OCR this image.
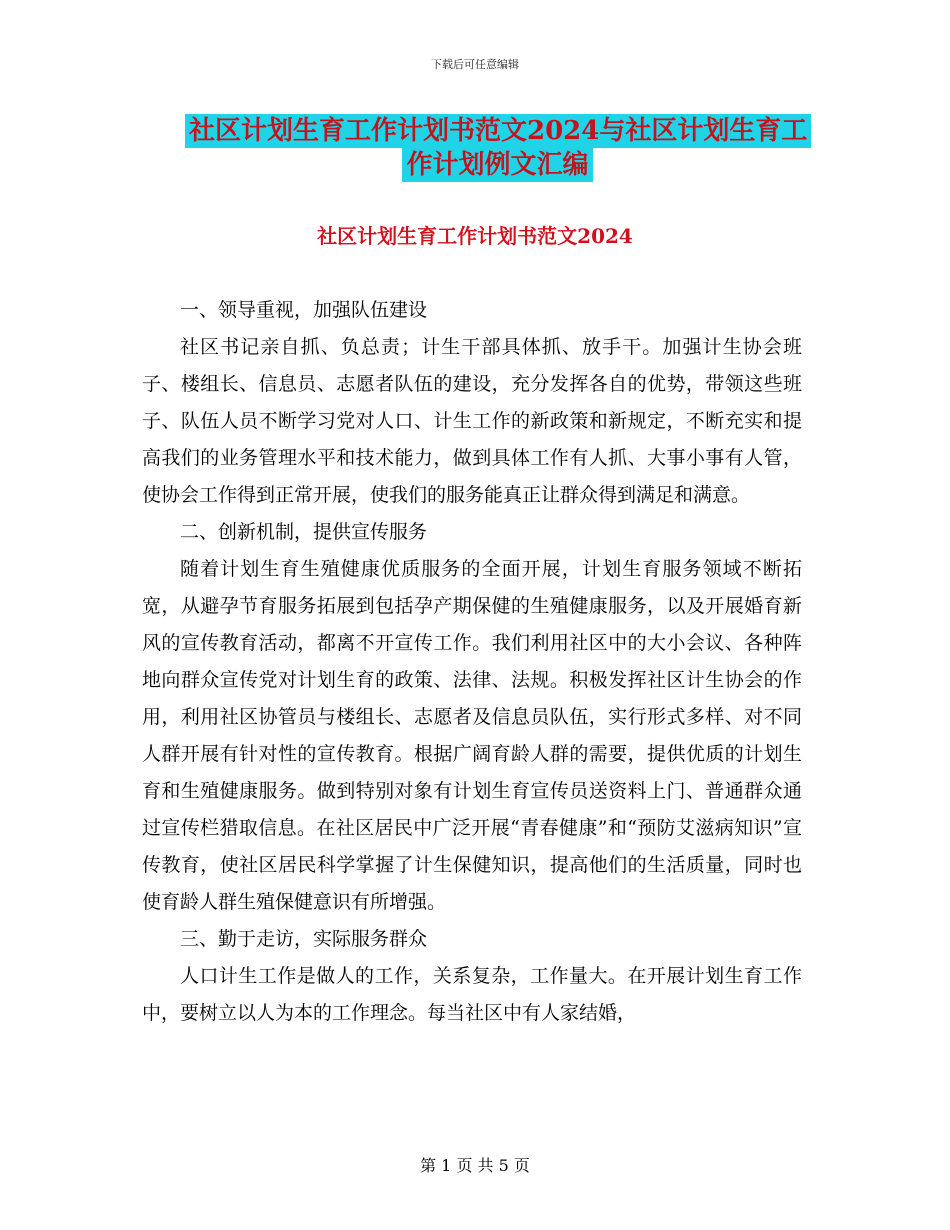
下载后可任意编辑
社区计划生育工作计划书范文2024与社区计划生育工
作计划例文汇编
社区计划生育工作计划书范文2024

一、领导重视，加强队伍建设

社区书记亲自抓、负总责；计生干部具体抓、放手干。加强计生协会班子、楼组长、信息员、志愿者队伍的建设，充分发挥各自的优势，带领这些班子、队伍人员不断学习党对人口、计生工作的新政策和新规定，不断充实和提高我们的业务管理水平和技术能力，做到具体工作有人抓、大事小事有人管，使协会工作得到正常开展，使我们的服务能真正让群众得到满足和满意。

二、创新机制，提供宣传服务

随着计划生育生殖健康优质服务的全面开展，计划生育服务领域不断拓宽，从避孕节育服务拓展到包括孕产期保健的生殖健康服务，以及开展婚育新风的宣传教育活动，都离不开宣传工作。我们利用社区中的大小会议、各种阵地向群众宣传党对计划生育的政策、法律、法规。积极发挥社区计生协会的作用，利用社区协管员与楼组长、志愿者及信息员队伍，实行形式多样、对不同人群开展有针对性的宣传教育。根据广阔育龄人群的需要，提供优质的计划生育和生殖健康服务。做到特别对象有计划生育宣传员送资料上门、普通群众通过宣传栏猎取信息。在社区居民中广泛开展“青春健康”和“预防艾滋病知识”宣传教育，使社区居民科学掌握了计生保健知识，提高他们的生活质量，同时也使育龄人群生殖保健意识有所增强。

三、勤于走访，实际服务群众

人口计生工作是做人的工作，关系复杂，工作量大。在开展计划生育工作中，要树立以人为本的工作理念。每当社区中有人家结婚，

第 1 页 共 5 页
